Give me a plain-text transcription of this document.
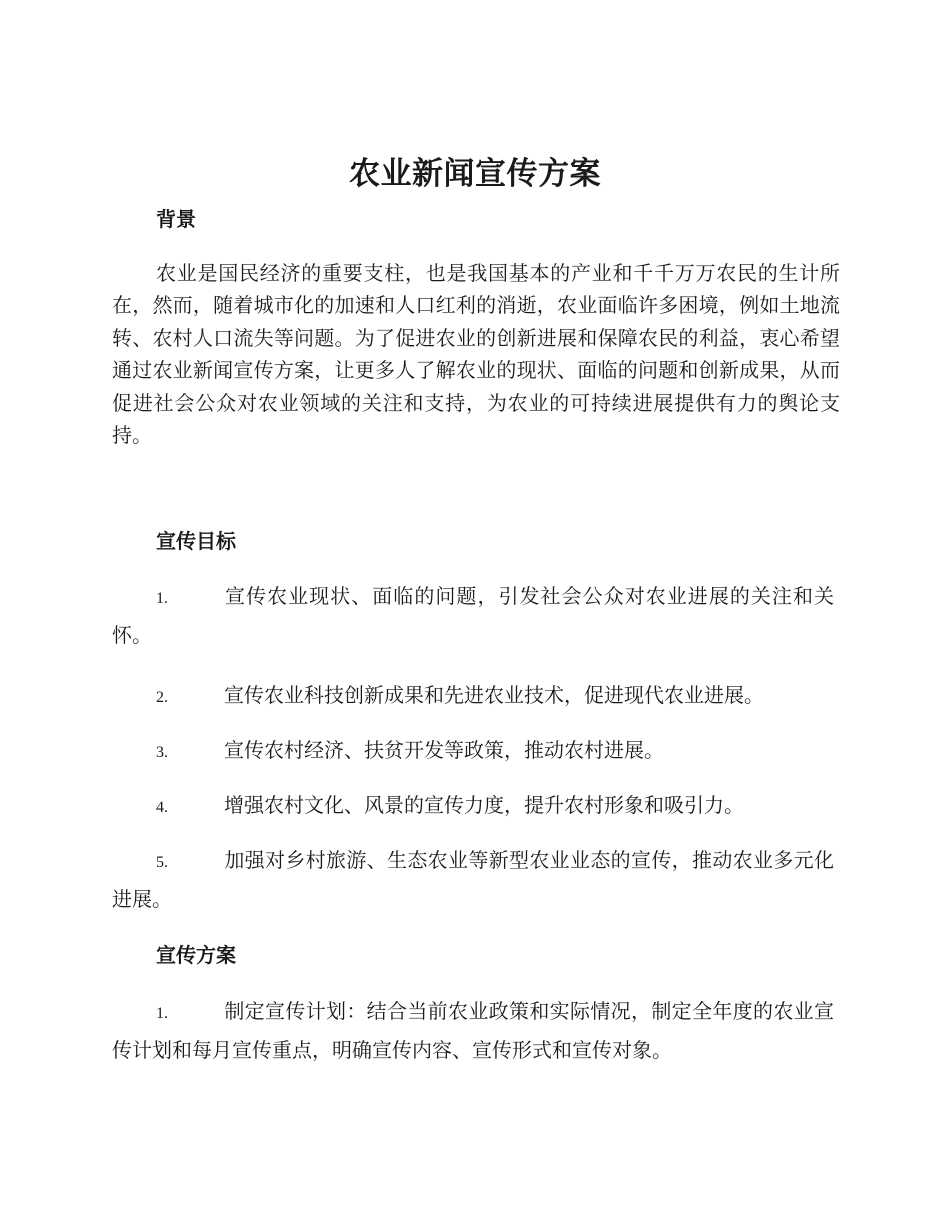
农业新闻宣传方案
背景

农业是国民经济的重要支柱，也是我国基本的产业和千千万万农民的生计所在，然而，随着城市化的加速和人口红利的消逝，农业面临许多困境，例如土地流转、农村人口流失等问题。为了促进农业的创新进展和保障农民的利益，衷心希望通过农业新闻宣传方案，让更多人了解农业的现状、面临的问题和创新成果，从而促进社会公众对农业领域的关注和支持，为农业的可持续进展提供有力的舆论支持。

宣传目标

1.	宣传农业现状、面临的问题，引发社会公众对农业进展的关注和关怀。

2.	宣传农业科技创新成果和先进农业技术，促进现代农业进展。

3.	宣传农村经济、扶贫开发等政策，推动农村进展。

4.	增强农村文化、风景的宣传力度，提升农村形象和吸引力。

5.	加强对乡村旅游、生态农业等新型农业业态的宣传，推动农业多元化进展。

宣传方案

1.	制定宣传计划：结合当前农业政策和实际情况，制定全年度的农业宣传计划和每月宣传重点，明确宣传内容、宣传形式和宣传对象。
